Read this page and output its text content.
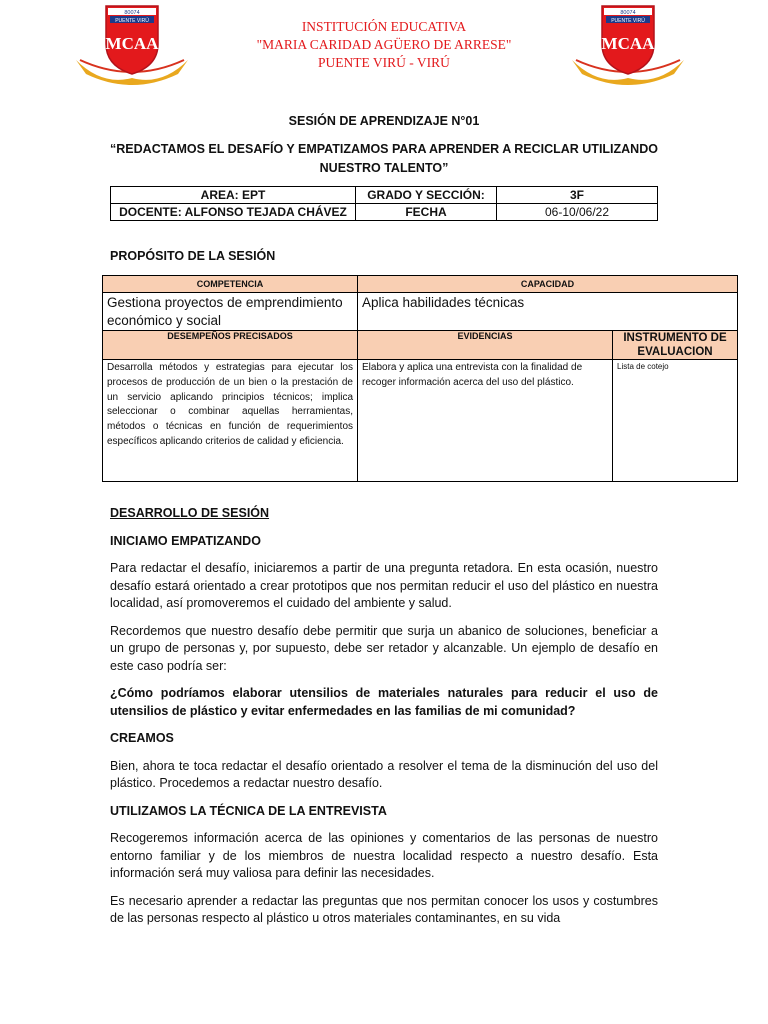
80074
PUENTE VIRÚ
MCAA
80074
PUENTE VIRÚ
MCAA
INSTITUCIÓN EDUCATIVA
"MARIA CARIDAD AGÜERO DE ARRESE"
PUENTE VIRÚ - VIRÚ
SESIÓN DE APRENDIZAJE N°01
“REDACTAMOS EL DESAFÍO Y EMPATIZAMOS PARA APRENDER A RECICLAR UTILIZANDO NUESTRO TALENTO”
AREA: EPT	GRADO Y SECCIÓN:	3F
DOCENTE: ALFONSO TEJADA CHÁVEZ	FECHA	06-10/06/22
PROPÓSITO DE LA SESIÓN
COMPETENCIA	CAPACIDAD	
Gestiona proyectos de emprendimiento económico y social	Aplica habilidades técnicas	
DESEMPEÑOS PRECISADOS	EVIDENCIAS	INSTRUMENTO DE EVALUACION
Desarrolla métodos y estrategias para ejecutar los procesos de producción de un bien o la prestación de un servicio aplicando principios técnicos; implica seleccionar o combinar aquellas herramientas, métodos o técnicas en función de requerimientos específicos aplicando criterios de calidad y eficiencia.	Elabora y aplica una entrevista con la finalidad de recoger información acerca del uso del plástico.	Lista de cotejo

DESARROLLO DE SESIÓN

INICIAMO EMPATIZANDO

Para redactar el desafío, iniciaremos a partir de una pregunta retadora. En esta ocasión, nuestro desafío estará orientado a crear prototipos que nos permitan reducir el uso del plástico en nuestra localidad, así promoveremos el cuidado del ambiente y salud.

Recordemos que nuestro desafío debe permitir que surja un abanico de soluciones, beneficiar a un grupo de personas y, por supuesto, debe ser retador y alcanzable. Un ejemplo de desafío en este caso podría ser:

¿Cómo podríamos elaborar utensilios de materiales naturales para reducir el uso de utensilios de plástico y evitar enfermedades en las familias de mi comunidad?

CREAMOS

Bien, ahora te toca redactar el desafío orientado a resolver el tema de la disminución del uso del plástico. Procedemos a redactar nuestro desafío.

UTILIZAMOS LA TÉCNICA DE LA ENTREVISTA

Recogeremos información acerca de las opiniones y comentarios de las personas de nuestro entorno familiar y de los miembros de nuestra localidad respecto a nuestro desafío. Esta información será muy valiosa para definir las necesidades.

Es necesario aprender a redactar las preguntas que nos permitan conocer los usos y costumbres de las personas respecto al plástico u otros materiales contaminantes, en su vida
